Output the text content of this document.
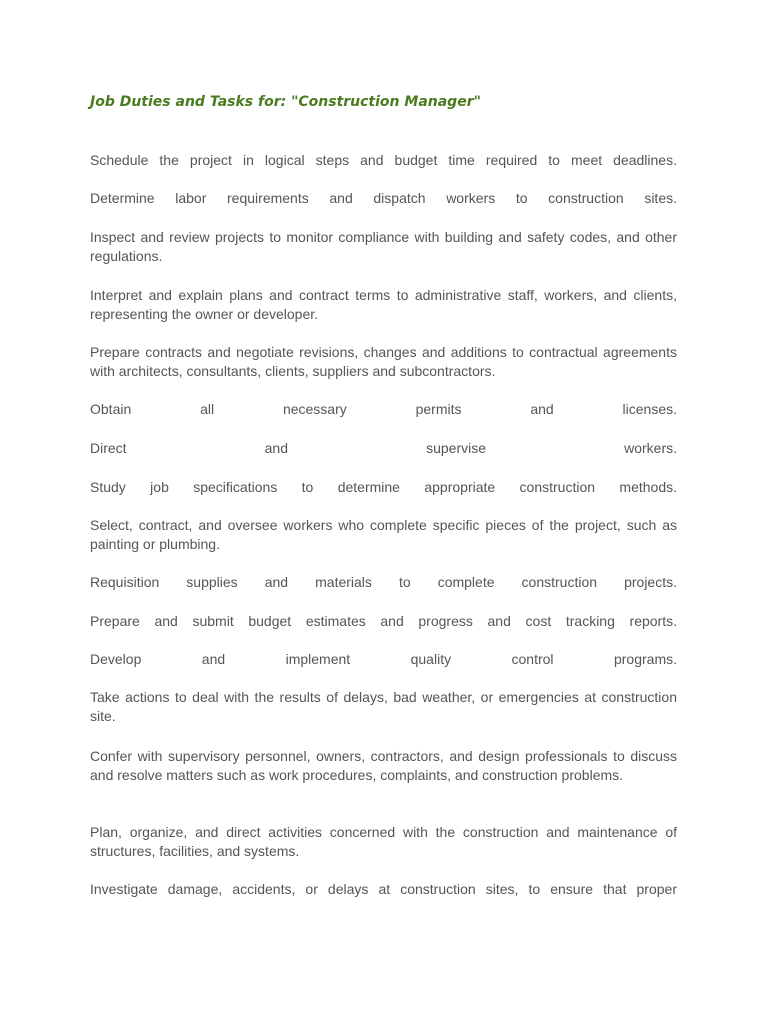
Job Duties and Tasks for: "Construction Manager"

Schedule the project in logical steps and budget time required to meet deadlines.

Determine labor requirements and dispatch workers to construction sites.

Inspect and review projects to monitor compliance with building and safety codes, and other regulations.

Interpret and explain plans and contract terms to administrative staff, workers, and clients, representing the owner or developer.

Prepare contracts and negotiate revisions, changes and additions to contractual agreements with architects, consultants, clients, suppliers and subcontractors.

Obtain all necessary permits and licenses.

Direct and supervise workers.

Study job specifications to determine appropriate construction methods.

Select, contract, and oversee workers who complete specific pieces of the project, such as painting or plumbing.

Requisition supplies and materials to complete construction projects.

Prepare and submit budget estimates and progress and cost tracking reports.

Develop and implement quality control programs.

Take actions to deal with the results of delays, bad weather, or emergencies at construction site.

Confer with supervisory personnel, owners, contractors, and design professionals to discuss and resolve matters such as work procedures, complaints, and construction problems.

Plan, organize, and direct activities concerned with the construction and maintenance of structures, facilities, and systems.

Investigate damage, accidents, or delays at construction sites, to ensure that proper
